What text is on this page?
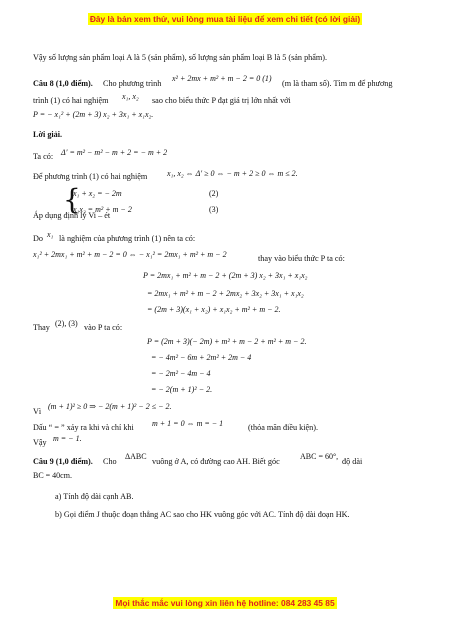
Đây là bản xem thử, vui lòng mua tài liệu để xem chi tiết (có lời giải)
Vậy số lượng sản phẩm loại A là 5 (sản phẩm), số lượng sản phẩm loại B là 5 (sản phẩm).
Câu 8 (1,0 điểm). Cho phương trình
x² + 2mx + m² + m − 2 = 0 (1)
(m là tham số). Tìm m để phương
trình (1) có hai nghiệm x₁, x₂ sao cho biểu thức P đạt giá trị lớn nhất với
P = − x₁² + (2m + 3) x₂ + 3x₁ + x₁x₂.
Lời giải.
Ta có: Δ′ = m² − m² − m + 2 = − m + 2
Để phương trình (1) có hai nghiệm x₁, x₂ ⇔ Δ′ ≥ 0 ⇔ − m + 2 ≥ 0 ⇔ m ≤ 2.
{
x₁ + x₂ = − 2m	(2)
x₁x₂ = m² + m − 2	(3)
Áp dụng định lý Vi – ét
Do x₁ là nghiệm của phương trình (1) nên ta có:
x₁² + 2mx₁ + m² + m − 2 = 0 ⇔ − x₁² = 2mx₁ + m² + m − 2	thay vào biểu thức P ta có:
P = 2mx₁ + m² + m − 2 + (2m + 3) x₂ + 3x₁ + x₁x₂
= 2mx₁ + m² + m − 2 + 2mx₂ + 3x₂ + 3x₁ + x₁x₂
= (2m + 3)(x₁ + x₂) + x₁x₂ + m² + m − 2.
Thay (2), (3) vào P ta có:
P = (2m + 3)(− 2m) + m² + m − 2 + m² + m − 2.
= − 4m² − 6m + 2m² + 2m − 4
= − 2m² − 4m − 4
= − 2(m + 1)² − 2.
(m + 1)² ≥ 0 ⇒ − 2(m + 1)² − 2 ≤ − 2.
Vì
Dấu “ = ” xảy ra khi và chỉ khi m + 1 = 0 ⇔ m = − 1	(thỏa mãn điều kiện).
Vậy m = − 1.
Câu 9 (1,0 điểm). Cho
ΔABC
vuông ở A, có đường cao AH. Biết góc
ABC = 60°,
độ dài
BC = 40cm.
a) Tính độ dài cạnh AB.
b) Gọi điểm J thuộc đoạn thẳng AC sao cho HK vuông góc với AC. Tính độ dài đoạn HK.
Mọi thắc mắc vui lòng xin liên hệ hotline: 084 283 45 85
